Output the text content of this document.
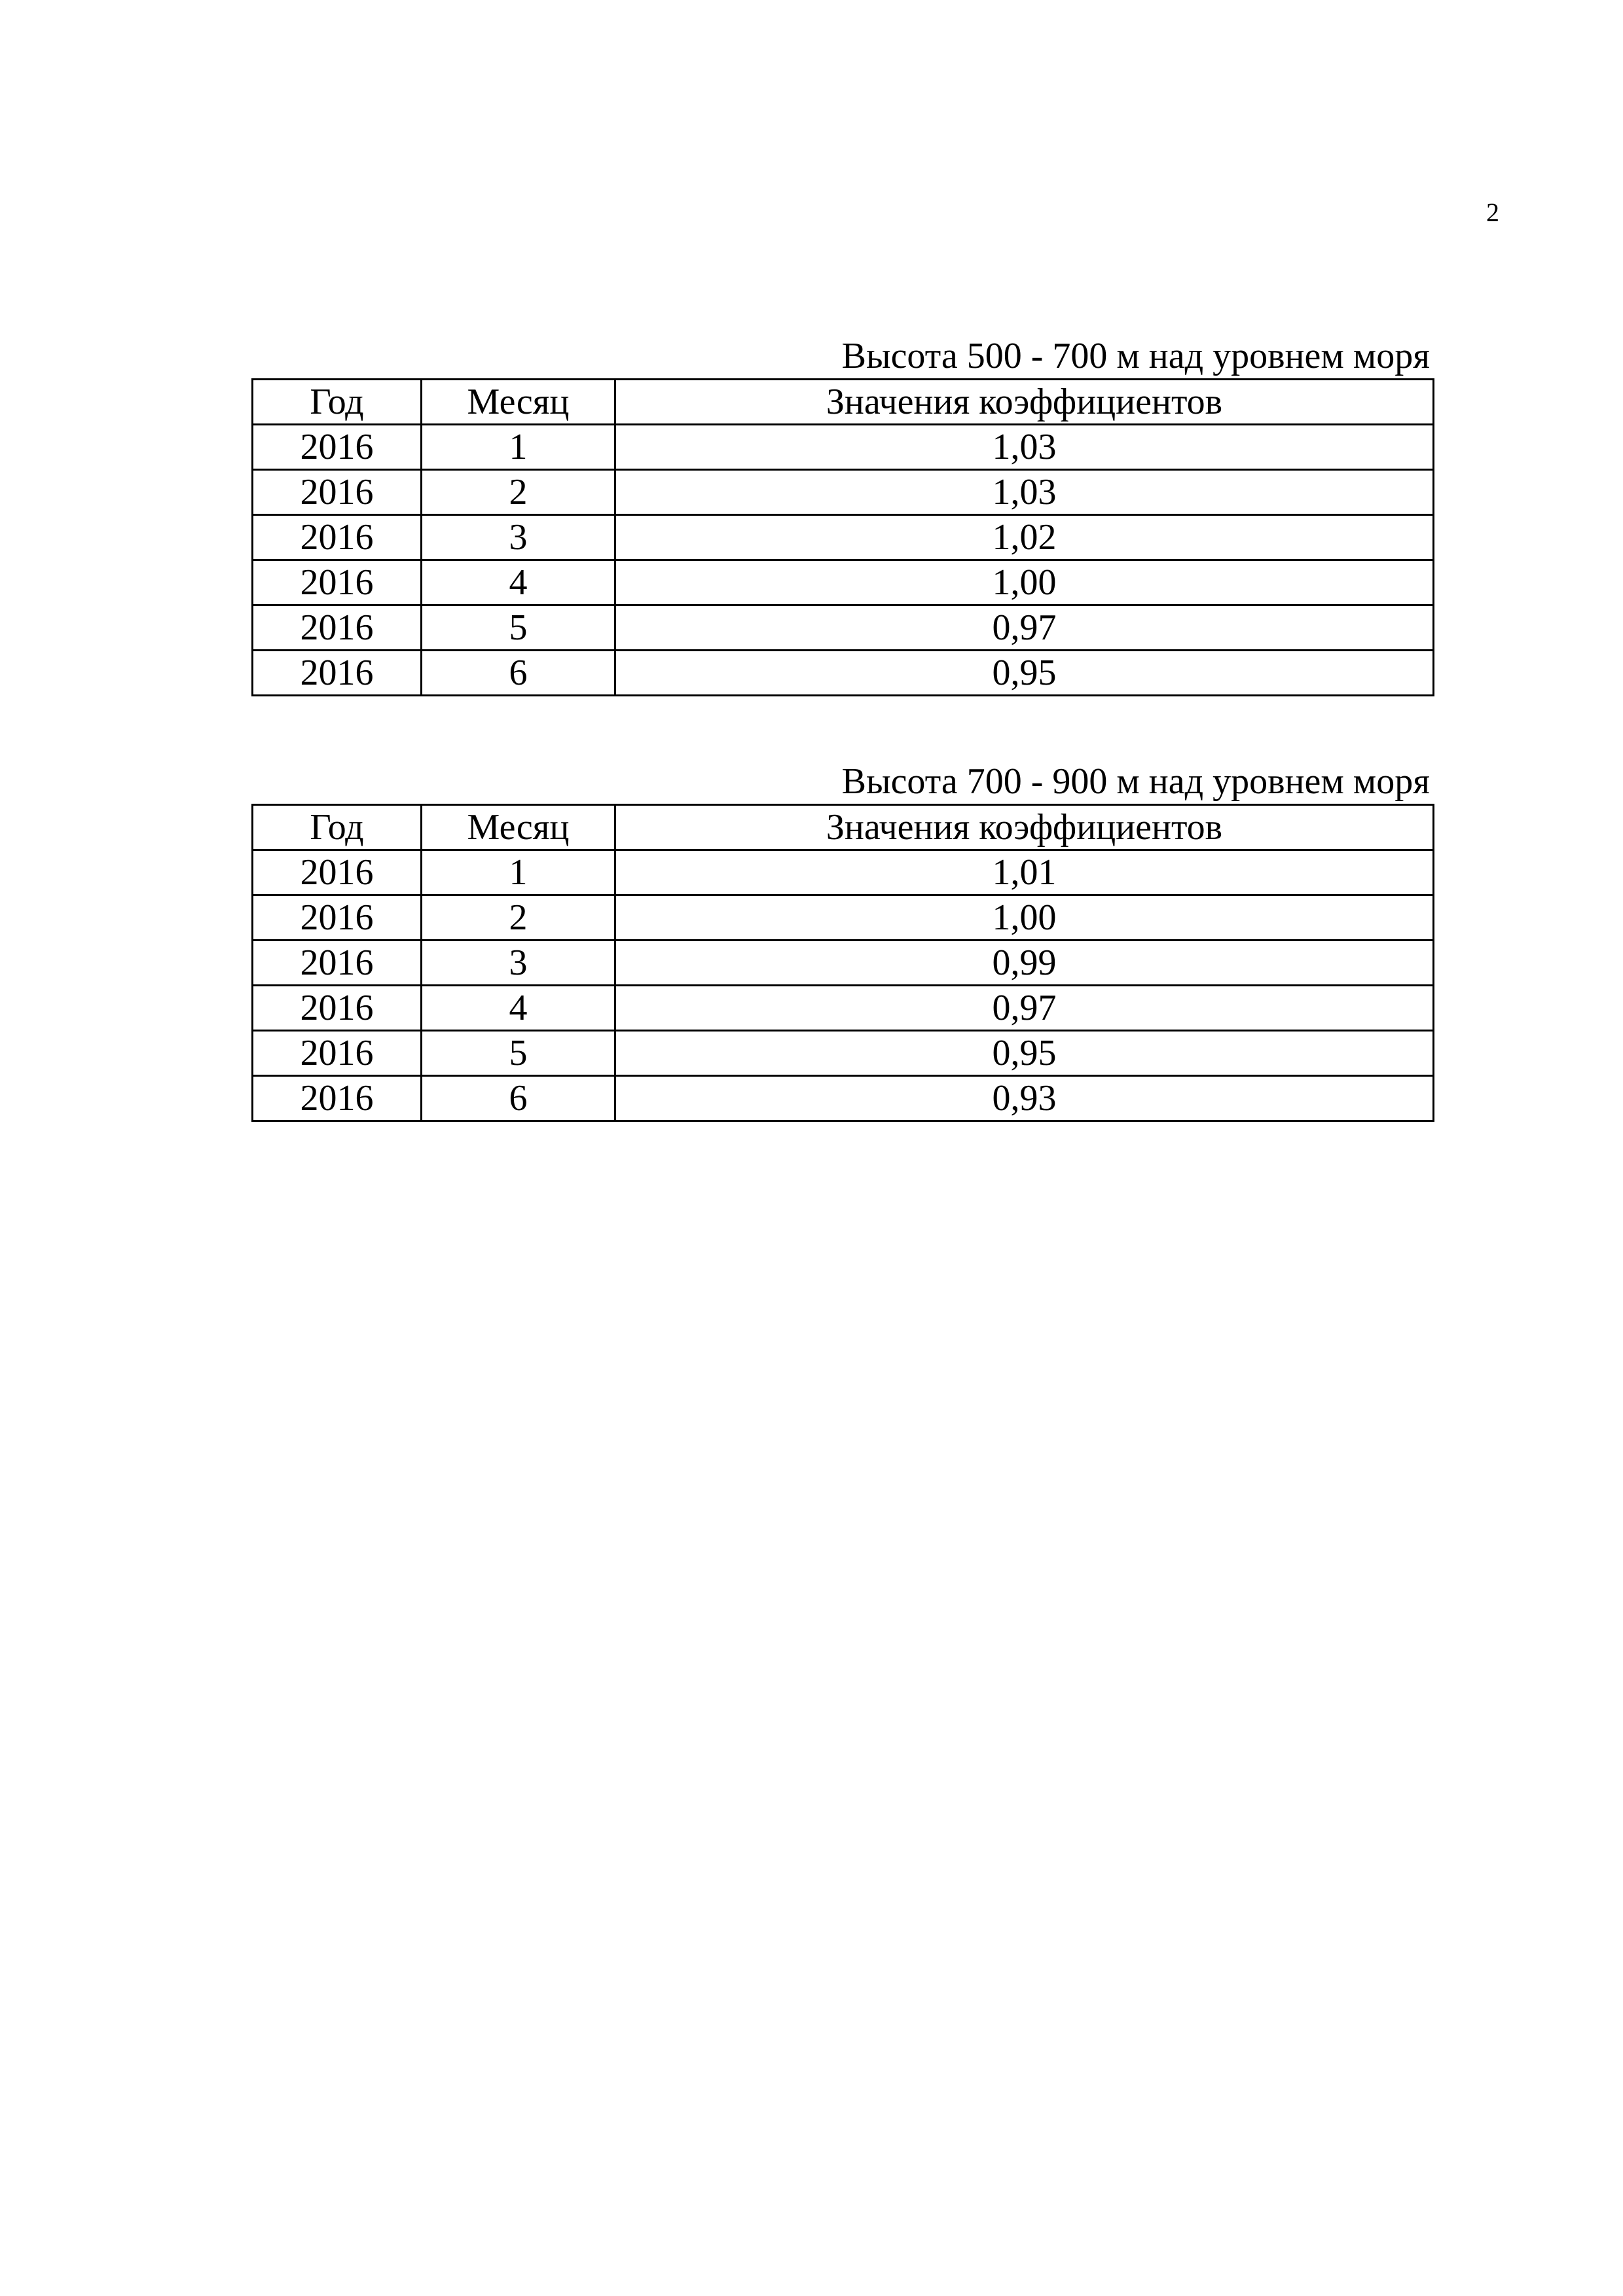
2
Высота 500 - 700 м над уровнем моря
Год	Месяц	Значения коэффициентов
2016	1	1,03
2016	2	1,03
2016	3	1,02
2016	4	1,00
2016	5	0,97
2016	6	0,95
Высота 700 - 900 м над уровнем моря
Год	Месяц	Значения коэффициентов
2016	1	1,01
2016	2	1,00
2016	3	0,99
2016	4	0,97
2016	5	0,95
2016	6	0,93
